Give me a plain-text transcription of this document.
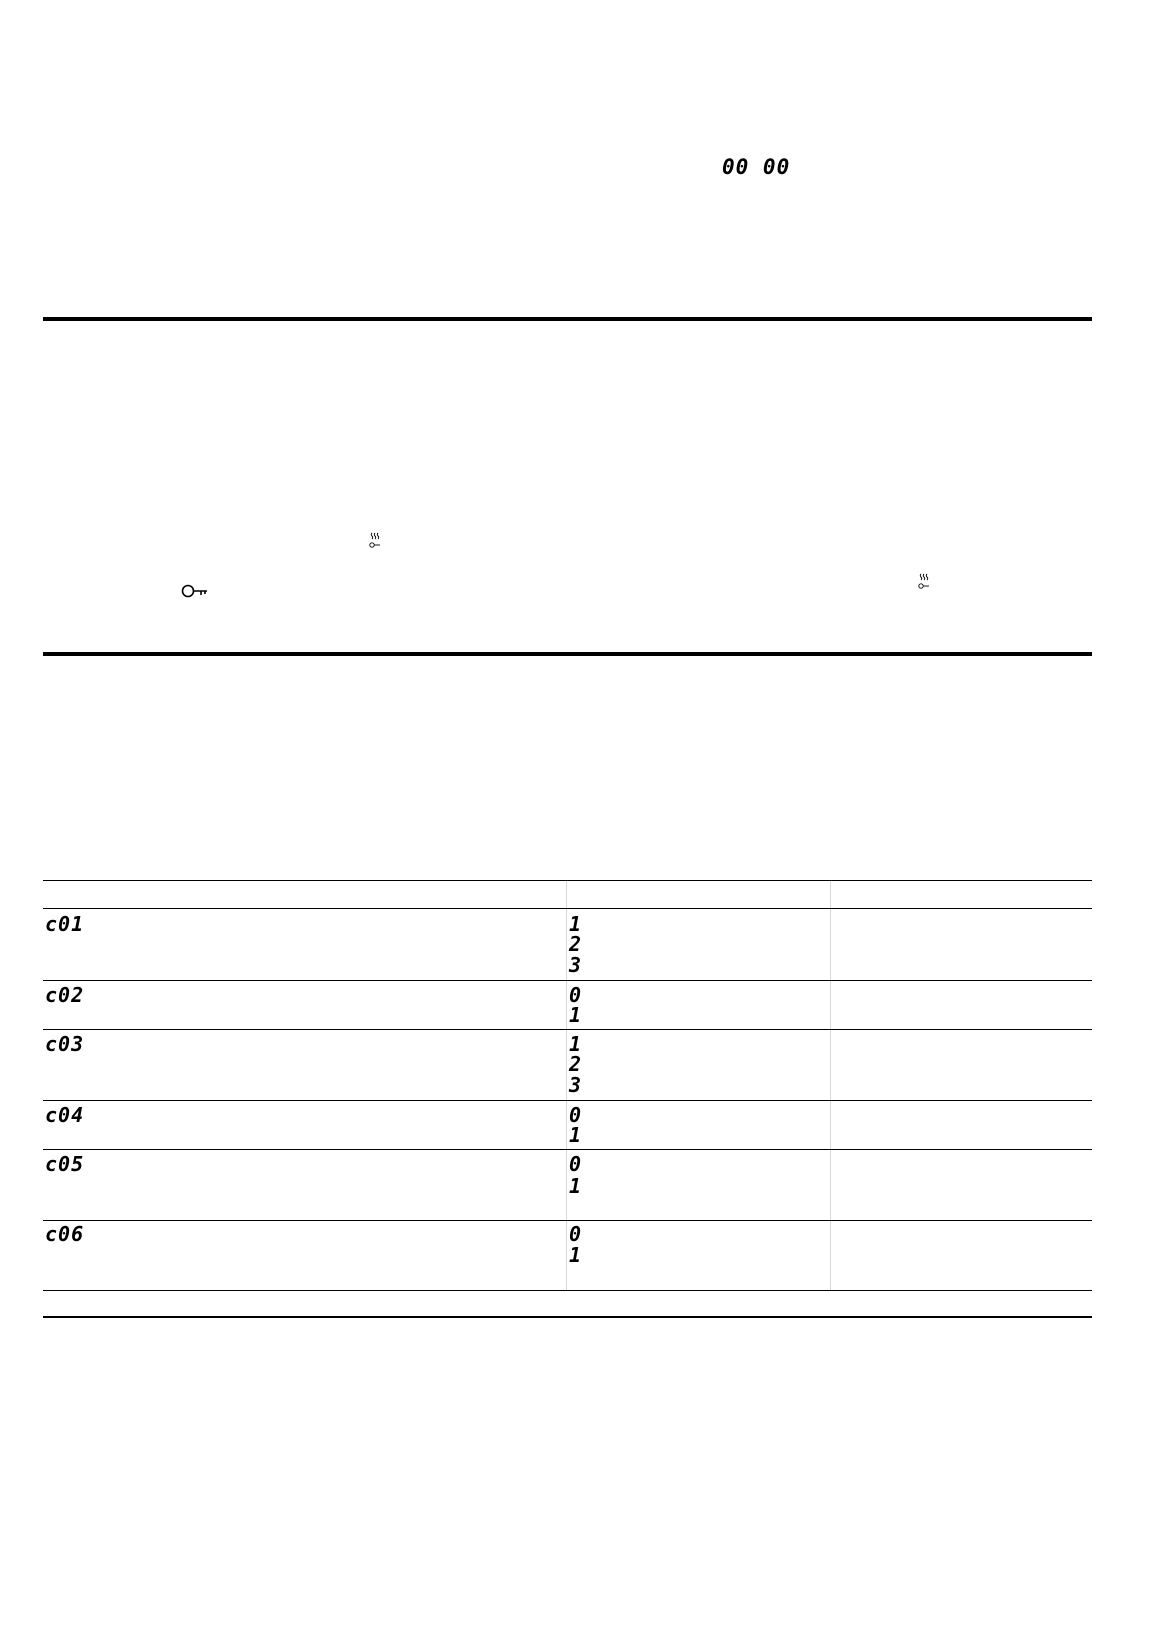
00 00
c01	1
2
3
c02	0
1
c03	1
2
3
c04	0
1
c05	0
1
c06	0
1
